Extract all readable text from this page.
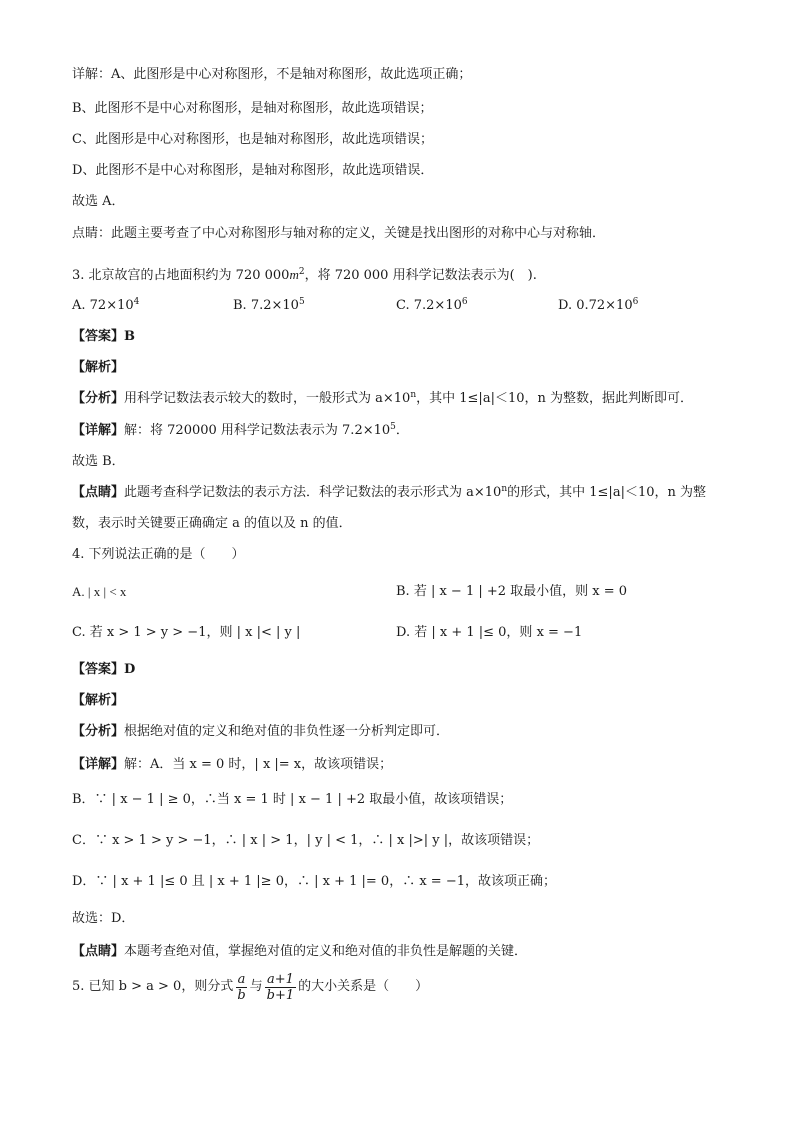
详解：A、此图形是中心对称图形，不是轴对称图形，故此选项正确；
B、此图形不是中心对称图形，是轴对称图形，故此选项错误；
C、此图形是中心对称图形，也是轴对称图形，故此选项错误；
D、此图形不是中心对称图形，是轴对称图形，故此选项错误．
故选 A．
点睛：此题主要考查了中心对称图形与轴对称的定义，关键是找出图形的对称中心与对称轴．
3. 北京故宫的占地面积约为 720 $000m^2$，将 720 000 用科学记数法表示为(　).
A. $72\times 10^4$	B. $7.2\times 10^5$	C. $7.2\times 10^6$	D. $0.72\times 10^6$
【答案】B
【解析】
【分析】用科学记数法表示较大的数时，一般形式为 $a\times 10^n$，其中 1≤|a|＜10，n 为整数，据此判断即可．
【详解】解：将 720000 用科学记数法表示为 $7.2\times 10^5$．
故选 B．
【点睛】此题考查科学记数法的表示方法．科学记数法的表示形式为 $a\times 10^n$的形式，其中 1≤|a|＜10，n 为整
数，表示时关键要正确确定 a 的值以及 n 的值．
4. 下列说法正确的是（　　）
A. | x | < x	B. 若 | x − 1 | +2 取最小值，则 x = 0
C. 若 x > 1 > y > −1，则 | x |< | y |	D. 若 | x + 1 |≤ 0，则 x = −1
【答案】D
【解析】
【分析】根据绝对值的定义和绝对值的非负性逐一分析判定即可．
【详解】解：A．当 x = 0 时，| x |= x，故该项错误；
B．∵ | x − 1 | ≥ 0，∴当 x = 1 时 | x − 1 | +2 取最小值，故该项错误；
C．∵ x > 1 > y > −1，∴ | x | > 1，| y | < 1，∴ | x |>| y |，故该项错误；
D．∵ | x + 1 |≤ 0 且 | x + 1 |≥ 0，∴ | x + 1 |= 0，∴ x = −1，故该项正确；
故选：D．
【点睛】本题考查绝对值，掌握绝对值的定义和绝对值的非负性是解题的关键．
5. 已知 b > a > 0，则分式 $\frac{a}{b}$ 与 $\frac{a+1}{b+1}$ 的大小关系是（　　）
